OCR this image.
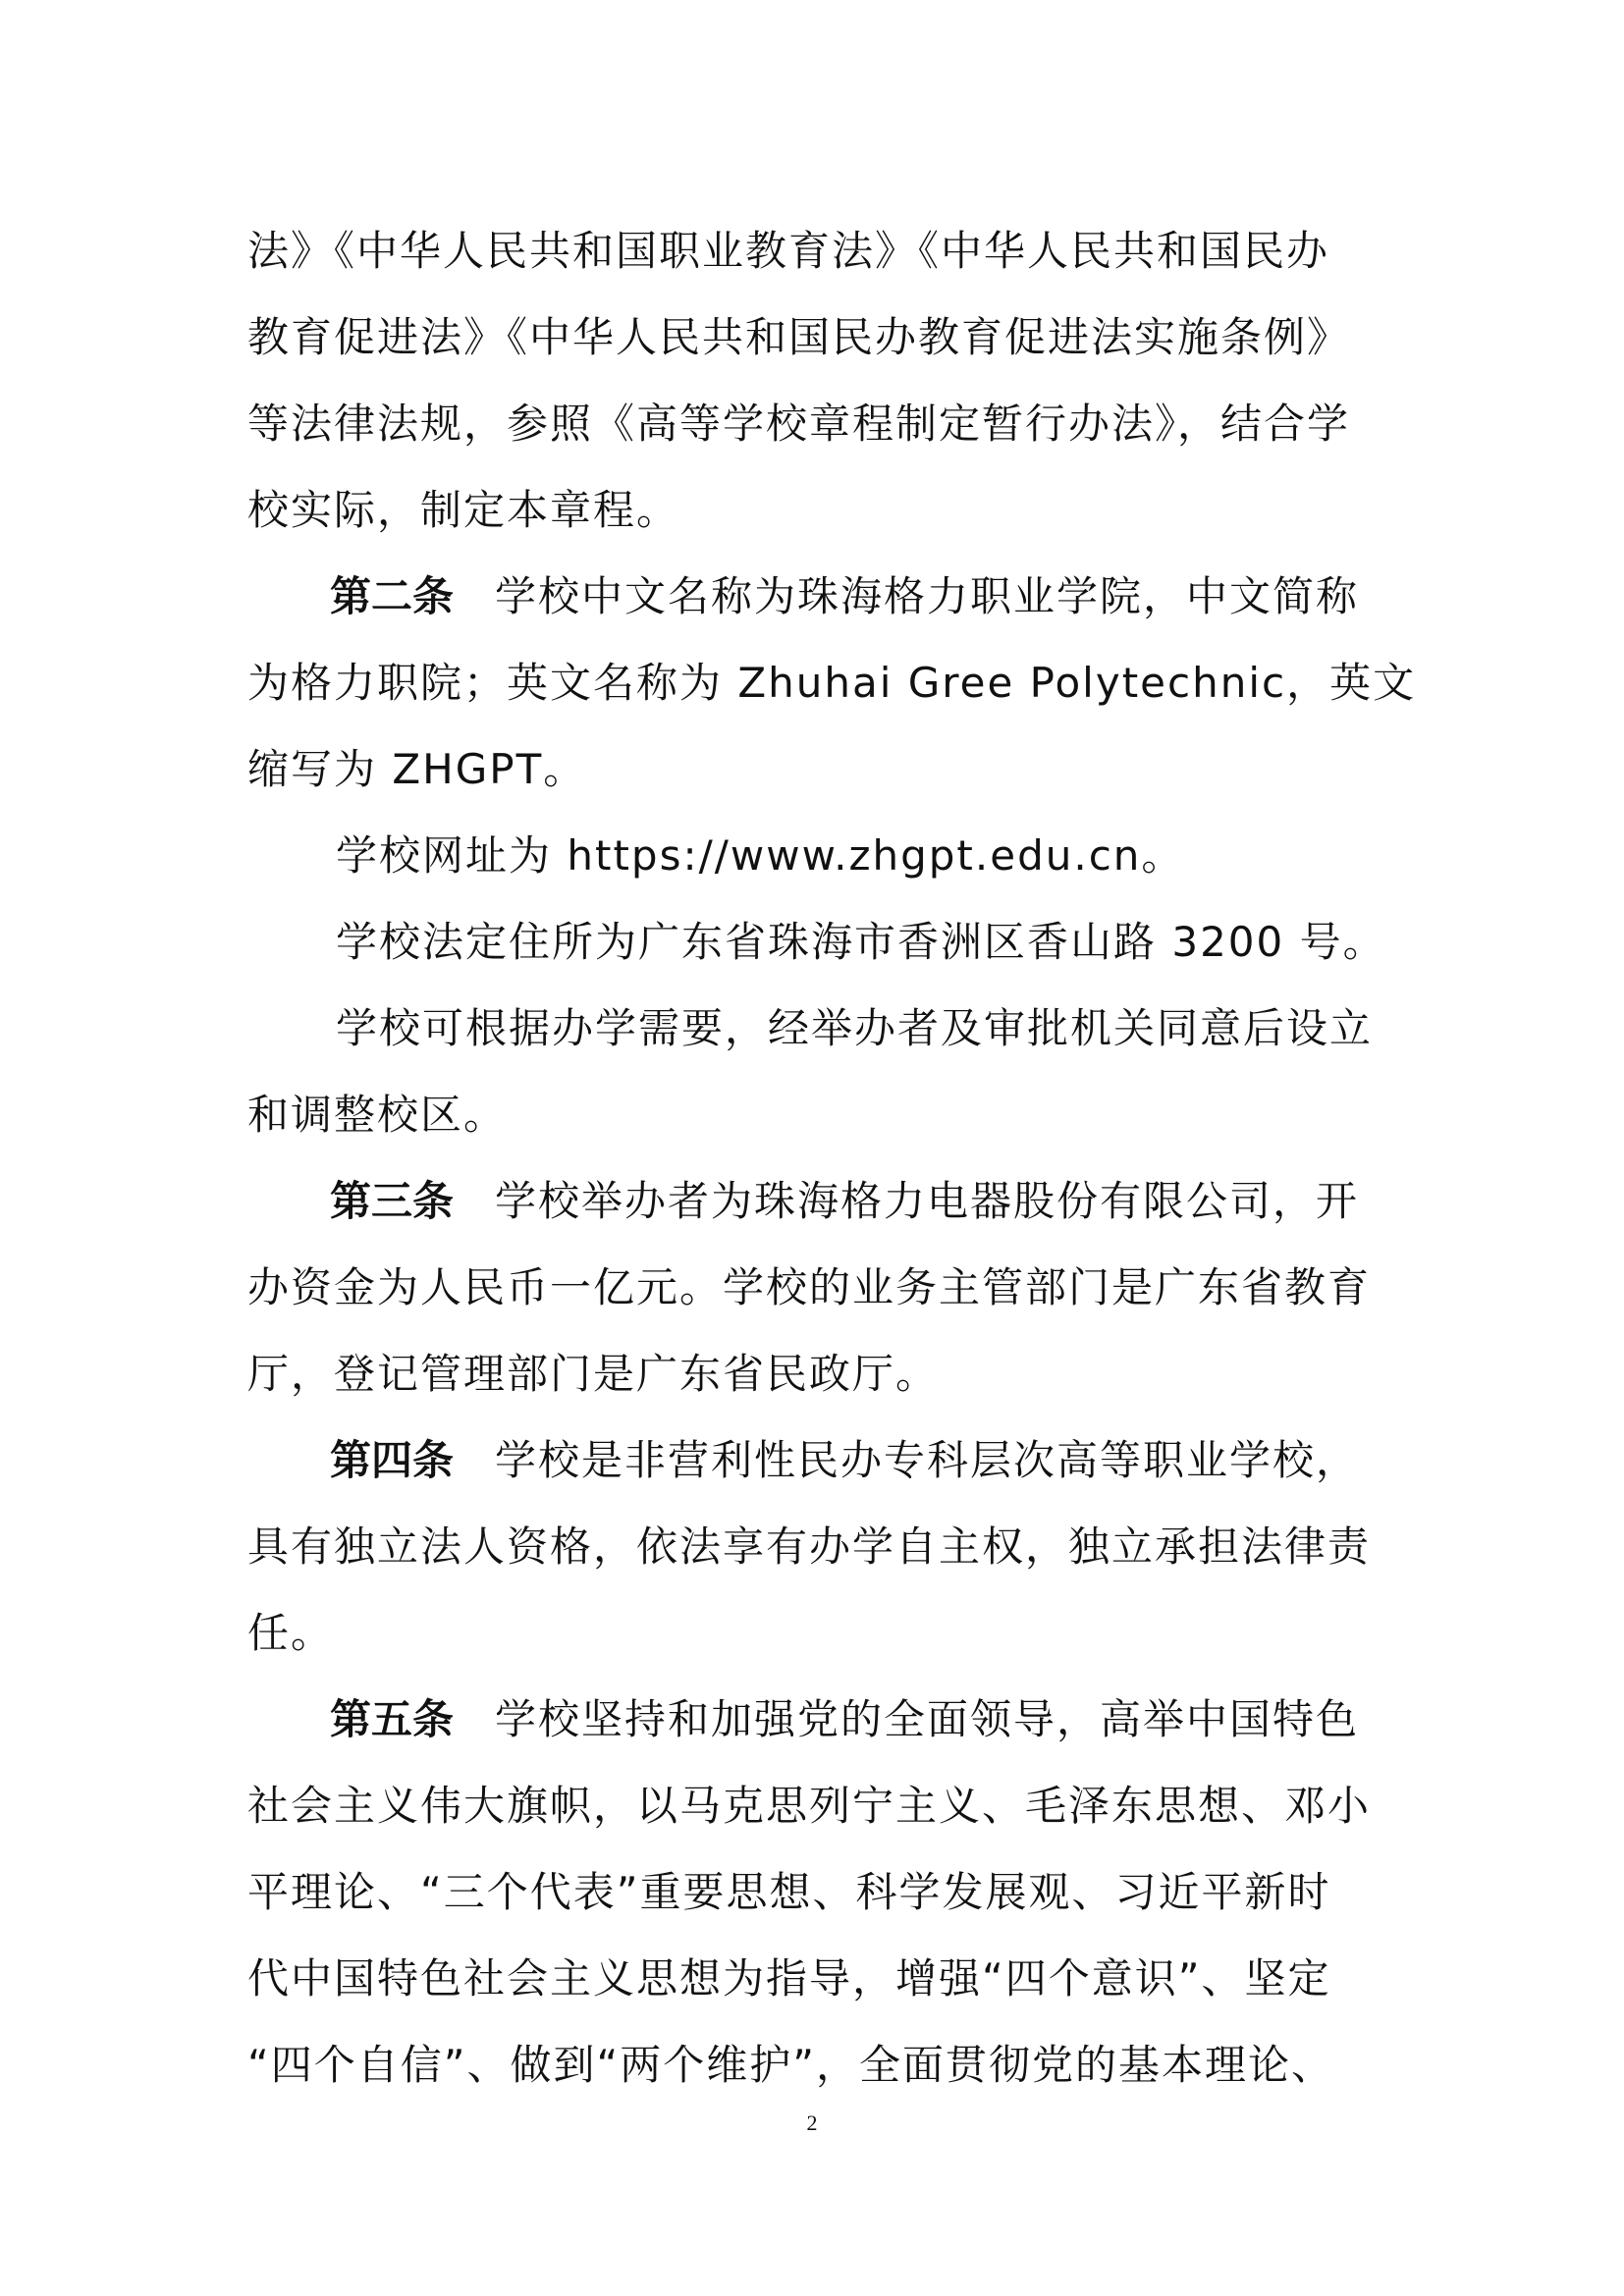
法》《中华人民共和国职业教育法》《中华人民共和国民办
教育促进法》《中华人民共和国民办教育促进法实施条例》
等法律法规，参照《高等学校章程制定暂行办法》，结合学
校实际，制定本章程。
第二条 学校中文名称为珠海格力职业学院，中文简称
为格力职院；英文名称为 Zhuhai Gree Polytechnic，英文
缩写为 ZHGPT。
学校网址为 https://www.zhgpt.edu.cn。
学校法定住所为广东省珠海市香洲区香山路 3200 号。
学校可根据办学需要，经举办者及审批机关同意后设立
和调整校区。
第三条 学校举办者为珠海格力电器股份有限公司，开
办资金为人民币一亿元。学校的业务主管部门是广东省教育
厅，登记管理部门是广东省民政厅。
第四条 学校是非营利性民办专科层次高等职业学校，
具有独立法人资格，依法享有办学自主权，独立承担法律责
任。
第五条 学校坚持和加强党的全面领导，高举中国特色
社会主义伟大旗帜，以马克思列宁主义、毛泽东思想、邓小
平理论、“三个代表”重要思想、科学发展观、习近平新时
代中国特色社会主义思想为指导，增强“四个意识”、坚定
“四个自信”、做到“两个维护”，全面贯彻党的基本理论、
2
